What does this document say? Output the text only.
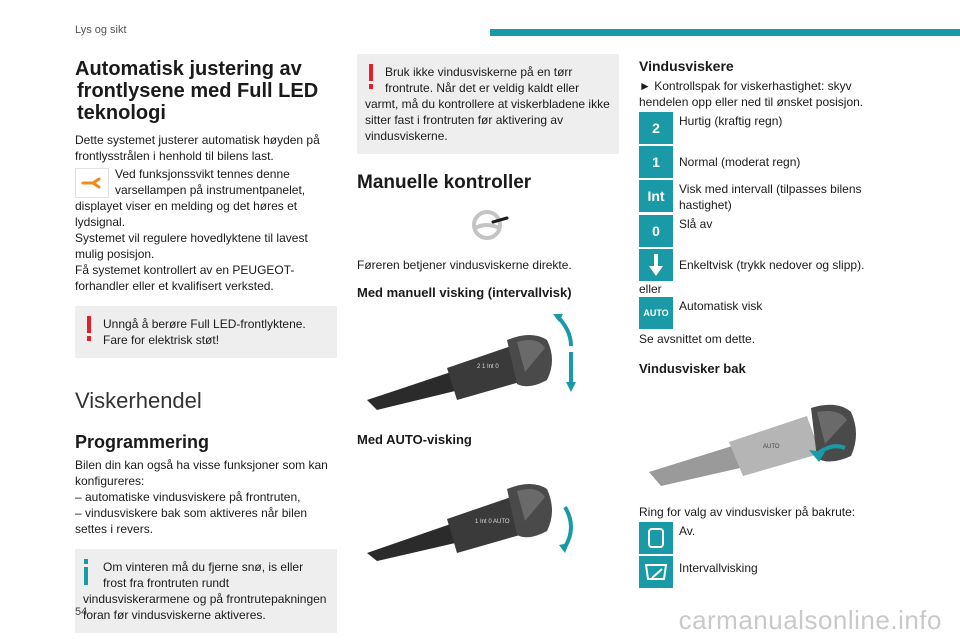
Lys og sikt
Automatisk justering av
frontlysene med Full LED
teknologi

Dette systemet justerer automatisk høyden på frontlysstrålen i henhold til bilens last.

Ved funksjonssvikt tennes denne varsellampen på instrumentpanelet, displayet viser en melding og det høres et lydsignal.

Systemet vil regulere hovedlyktene til lavest mulig posisjon.

Få systemet kontrollert av en PEUGEOT-forhandler eller et kvalifisert verksted.

Unngå å berøre Full LED-frontlyktene. Fare for elektrisk støt!
Viskerhendel
Programmering

Bilen din kan også ha visse funksjoner som kan konfigureres:

– automatiske vindusviskere på frontruten,

– vindusviskere bak som aktiveres når bilen settes i revers.

Om vinteren må du fjerne snø, is eller frost fra frontruten rundt vindusviskerarmene og på frontrutepakningen foran før vindusviskerne aktiveres.
Bruk ikke vindusviskerne på en tørr frontrute. Når det er veldig kaldt eller varmt, må du kontrollere at viskerbladene ikke sitter fast i frontruten før aktivering av vindusviskerne.
Manuelle kontroller

Føreren betjener vindusviskerne direkte.

Med manuell visking (intervallvisk)
2 1 Int 0
Med AUTO-visking
1 Int 0 AUTO
Vindusviskere

► Kontrollspak for viskerhastighet: skyv hendelen opp eller ned til ønsket posisjon.

2	Hurtig (kraftig regn)
1	Normal (moderat regn)
Int	Visk med intervall (tilpasses bilens hastighet)
0	Slå av
Enkeltvisk (trykk nedover og slipp).

eller

AUTO Automatisk visk

Se avsnittet om dette.

Vindusvisker bak
AUTO

Ring for valg av vindusvisker på bakrute:

Av.
Intervallvisking
54	carmanualsonline.info
